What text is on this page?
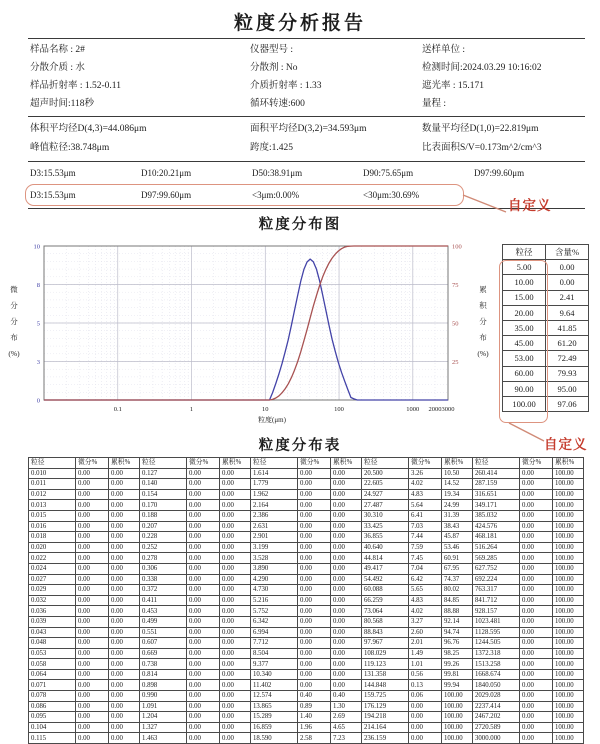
粒度分析报告
样品名称 : 2#	仪器型号 :	送样单位 :
分散介质 : 水	分散剂 : No	检测时间:2024.03.29 10:16:02
样品折射率 : 1.52-0.11	介质折射率 : 1.33	遮光率 : 15.171
超声时间:118秒	循环转速:600	量程 :
体积平均径D(4,3)=44.086μm	面积平均径D(3,2)=34.593μm	数量平均径D(1,0)=22.819μm
峰值粒径:38.748μm	跨度:1.425	比表面积S/V=0.173m^2/cm^3
D3:15.53μm	D10:20.21μm	D50:38.91μm	D90:75.65μm	D97:99.60μm
D3:15.53μm	D97:99.60μm	<3μm:0.00%	<30μm:30.69%
自定义
粒度分布图
0.1	1	10	100	1000 2000 3000
10
8
5
3
0
100
75
50
25
微
分
分
布
(%)
累
积
分
布
(%)
粒度(μm)
粒径	含量%
5.00	0.00
10.00	0.00
15.00	2.41
20.00	9.64
35.00	41.85
45.00	61.20
53.00	72.49
60.00	79.93
90.00	95.00
100.00	97.06
自定义
粒度分布表
粒径	微分%	累积%	粒径	微分%	累积%	粒径	微分%	累积%	粒径	微分%	累积%	粒径	微分%	累积%
0.010	0.00	0.00	0.127	0.00	0.00	1.614	0.00	0.00	20.500	3.26	10.50	260.414	0.00	100.00
0.011	0.00	0.00	0.140	0.00	0.00	1.779	0.00	0.00	22.605	4.02	14.52	287.159	0.00	100.00
0.012	0.00	0.00	0.154	0.00	0.00	1.962	0.00	0.00	24.927	4.83	19.34	316.651	0.00	100.00
0.013	0.00	0.00	0.170	0.00	0.00	2.164	0.00	0.00	27.487	5.64	24.99	349.171	0.00	100.00
0.015	0.00	0.00	0.188	0.00	0.00	2.386	0.00	0.00	30.310	6.41	31.39	385.032	0.00	100.00
0.016	0.00	0.00	0.207	0.00	0.00	2.631	0.00	0.00	33.425	7.03	38.43	424.576	0.00	100.00
0.018	0.00	0.00	0.228	0.00	0.00	2.901	0.00	0.00	36.855	7.44	45.87	468.181	0.00	100.00
0.020	0.00	0.00	0.252	0.00	0.00	3.199	0.00	0.00	40.640	7.59	53.46	516.264	0.00	100.00
0.022	0.00	0.00	0.278	0.00	0.00	3.528	0.00	0.00	44.814	7.45	60.91	569.285	0.00	100.00
0.024	0.00	0.00	0.306	0.00	0.00	3.890	0.00	0.00	49.417	7.04	67.95	627.752	0.00	100.00
0.027	0.00	0.00	0.338	0.00	0.00	4.290	0.00	0.00	54.492	6.42	74.37	692.224	0.00	100.00
0.029	0.00	0.00	0.372	0.00	0.00	4.730	0.00	0.00	60.088	5.65	80.02	763.317	0.00	100.00
0.032	0.00	0.00	0.411	0.00	0.00	5.216	0.00	0.00	66.259	4.83	84.85	841.712	0.00	100.00
0.036	0.00	0.00	0.453	0.00	0.00	5.752	0.00	0.00	73.064	4.02	88.88	928.157	0.00	100.00
0.039	0.00	0.00	0.499	0.00	0.00	6.342	0.00	0.00	80.568	3.27	92.14	1023.481	0.00	100.00
0.043	0.00	0.00	0.551	0.00	0.00	6.994	0.00	0.00	88.843	2.60	94.74	1128.595	0.00	100.00
0.048	0.00	0.00	0.607	0.00	0.00	7.712	0.00	0.00	97.967	2.01	96.76	1244.505	0.00	100.00
0.053	0.00	0.00	0.669	0.00	0.00	8.504	0.00	0.00	108.029	1.49	98.25	1372.318	0.00	100.00
0.058	0.00	0.00	0.738	0.00	0.00	9.377	0.00	0.00	119.123	1.01	99.26	1513.258	0.00	100.00
0.064	0.00	0.00	0.814	0.00	0.00	10.340	0.00	0.00	131.358	0.56	99.81	1668.674	0.00	100.00
0.071	0.00	0.00	0.898	0.00	0.00	11.402	0.00	0.00	144.848	0.13	99.94	1840.050	0.00	100.00
0.078	0.00	0.00	0.990	0.00	0.00	12.574	0.40	0.40	159.725	0.06	100.00	2029.028	0.00	100.00
0.086	0.00	0.00	1.091	0.00	0.00	13.865	0.89	1.30	176.129	0.00	100.00	2237.414	0.00	100.00
0.095	0.00	0.00	1.204	0.00	0.00	15.289	1.40	2.69	194.218	0.00	100.00	2467.202	0.00	100.00
0.104	0.00	0.00	1.327	0.00	0.00	16.859	1.96	4.65	214.164	0.00	100.00	2720.589	0.00	100.00
0.115	0.00	0.00	1.463	0.00	0.00	18.590	2.58	7.23	236.159	0.00	100.00	3000.000	0.00	100.00
